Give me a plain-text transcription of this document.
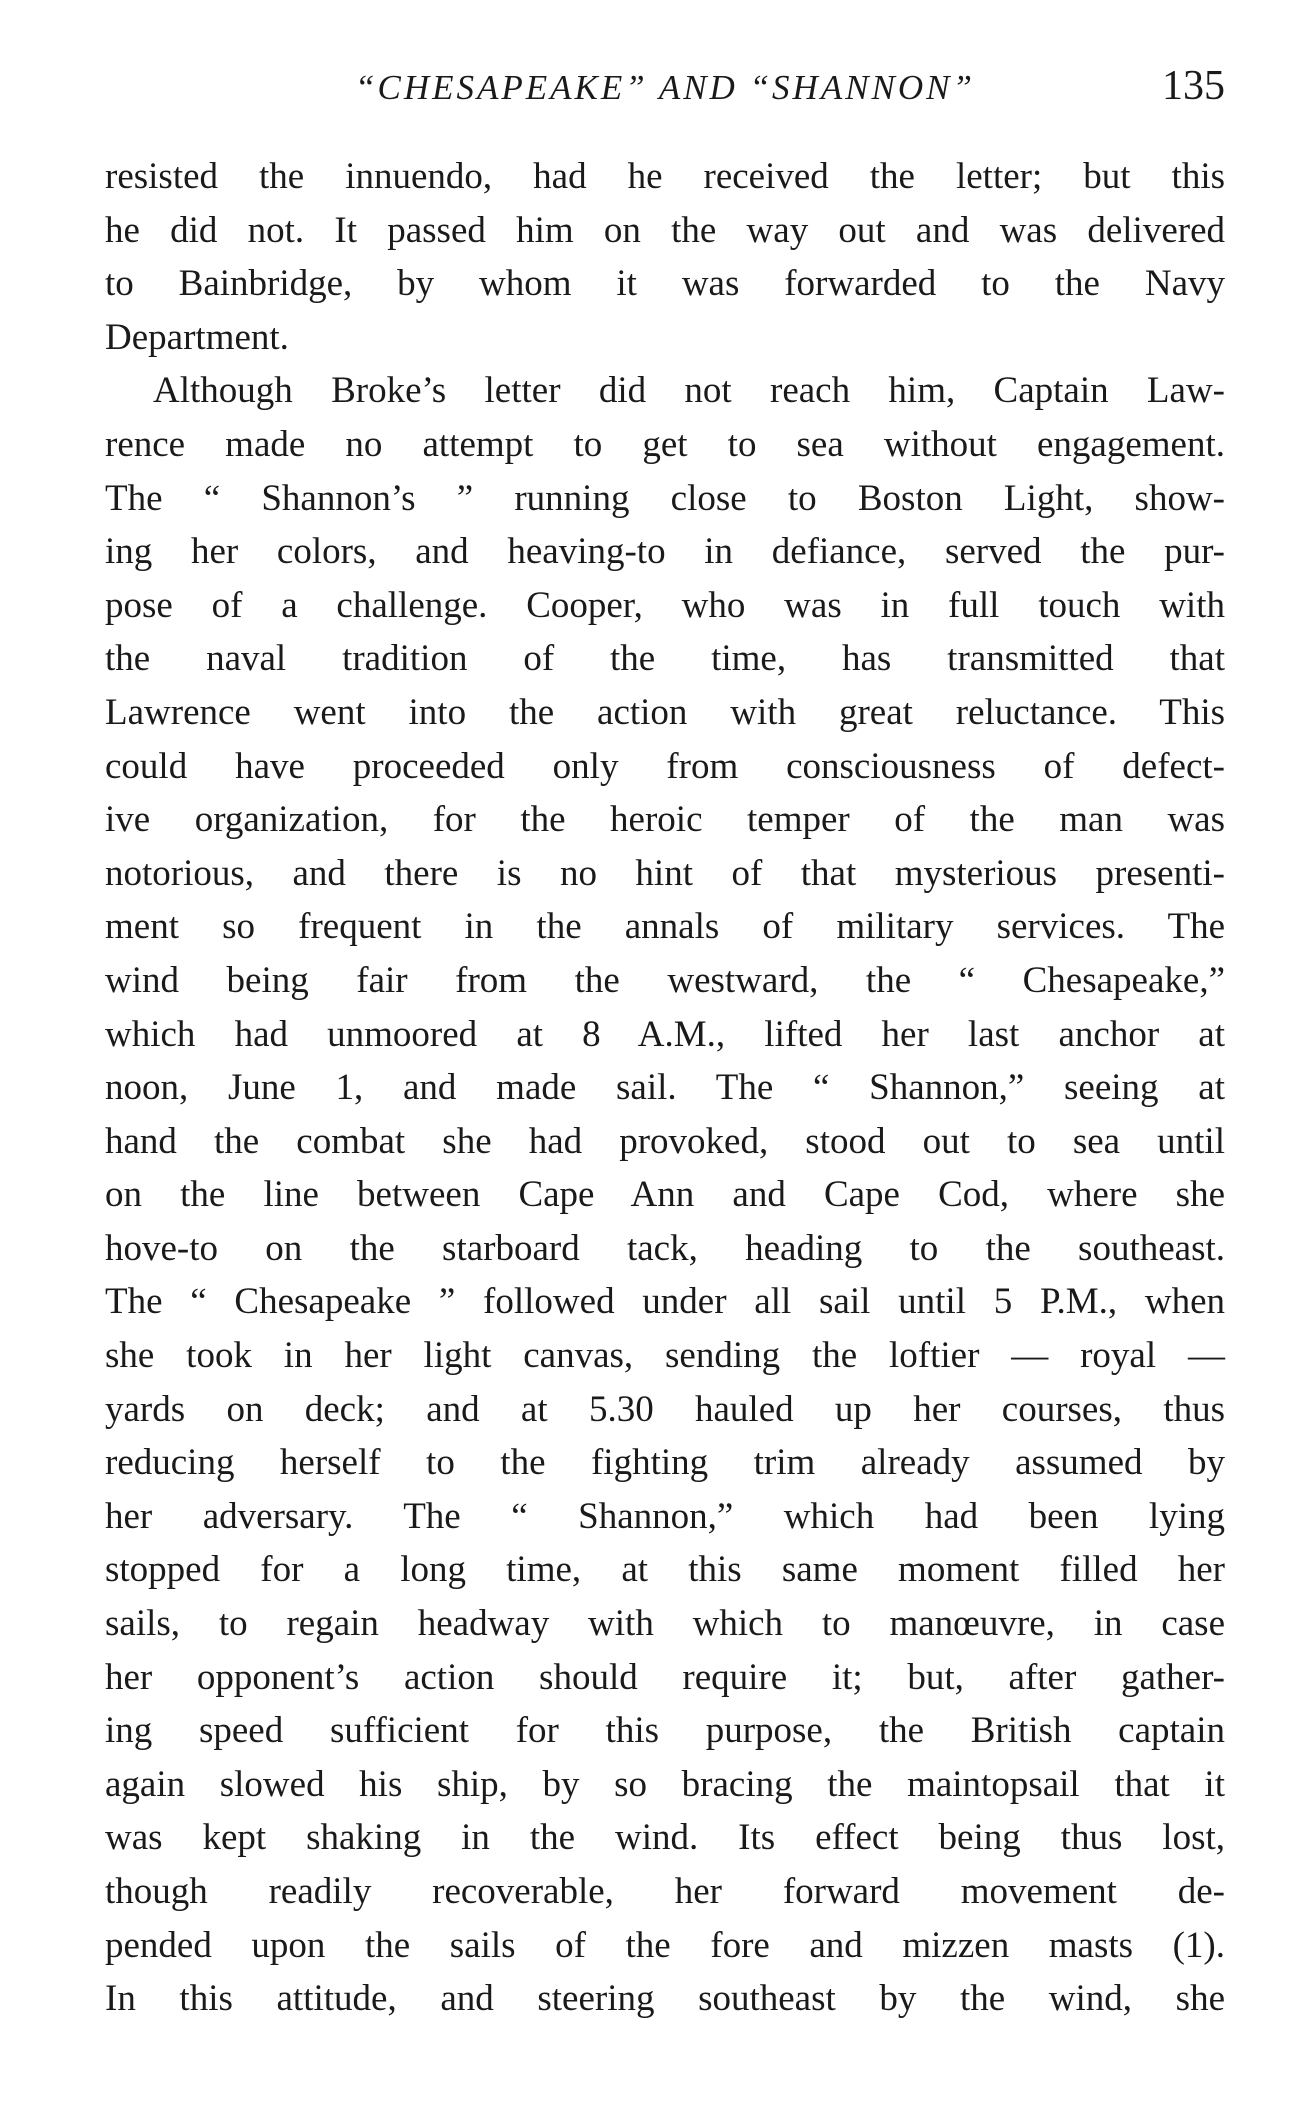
“CHESAPEAKE” AND “SHANNON”	135
resisted the innuendo, had he received the letter; but this
he did not. It passed him on the way out and was delivered
to Bainbridge, by whom it was forwarded to the Navy
Department.
Although Broke’s letter did not reach him, Captain Law-
rence made no attempt to get to sea without engagement.
The “ Shannon’s ” running close to Boston Light, show-
ing her colors, and heaving-to in defiance, served the pur-
pose of a challenge. Cooper, who was in full touch with
the naval tradition of the time, has transmitted that
Lawrence went into the action with great reluctance. This
could have proceeded only from consciousness of defect-
ive organization, for the heroic temper of the man was
notorious, and there is no hint of that mysterious presenti-
ment so frequent in the annals of military services. The
wind being fair from the westward, the “ Chesapeake,”
which had unmoored at 8 A.M., lifted her last anchor at
noon, June 1, and made sail. The “ Shannon,” seeing at
hand the combat she had provoked, stood out to sea until
on the line between Cape Ann and Cape Cod, where she
hove-to on the starboard tack, heading to the southeast.
The “ Chesapeake ” followed under all sail until 5 P.M., when
she took in her light canvas, sending the loftier — royal —
yards on deck; and at 5.30 hauled up her courses, thus
reducing herself to the fighting trim already assumed by
her adversary. The “ Shannon,” which had been lying
stopped for a long time, at this same moment filled her
sails, to regain headway with which to manœuvre, in case
her opponent’s action should require it; but, after gather-
ing speed sufficient for this purpose, the British captain
again slowed his ship, by so bracing the maintopsail that it
was kept shaking in the wind. Its effect being thus lost,
though readily recoverable, her forward movement de-
pended upon the sails of the fore and mizzen masts (1).
In this attitude, and steering southeast by the wind, she
